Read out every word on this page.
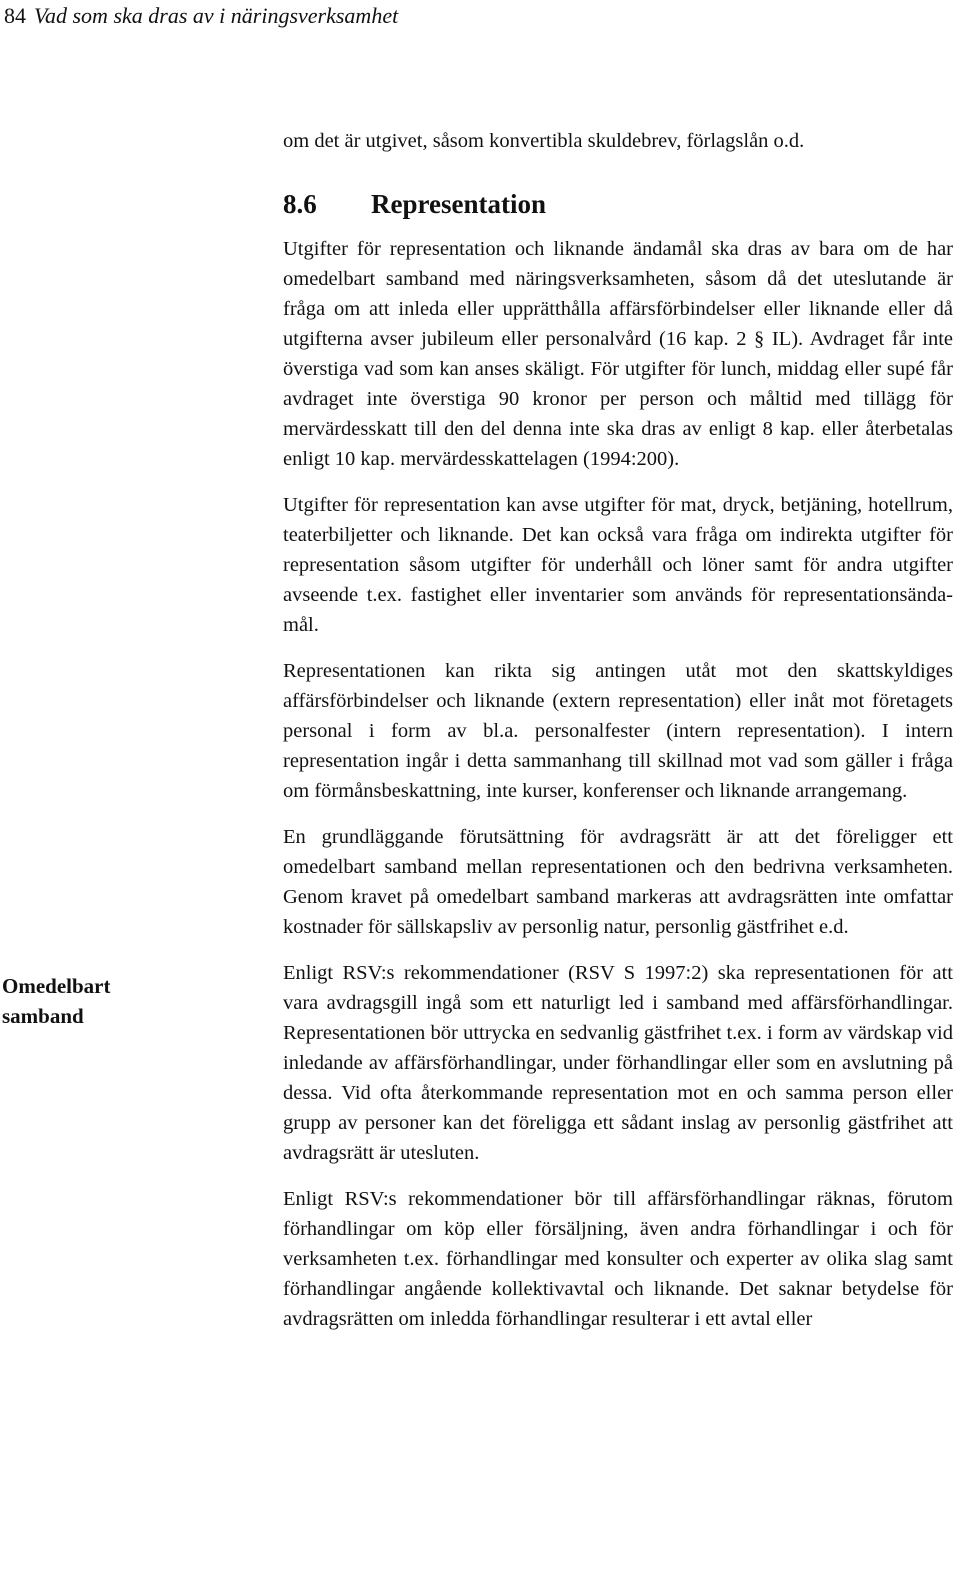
84 Vad som ska dras av i näringsverksamhet
Omedelbart
samband

om det är utgivet, såsom konvertibla skuldebrev, förlagslån o.d.

8.6 Representation

Utgifter för representation och liknande ändamål ska dras av bara om de har omedelbart samband med näringsverksamheten, såsom då det uteslutande är fråga om att inleda eller upprätthålla affärsförbindelser eller liknande eller då utgifterna avser jubileum eller personalvård (16 kap. 2 § IL). Avdraget får inte överstiga vad som kan anses skäligt. För utgifter för lunch, middag eller supé får avdraget inte överstiga 90 kronor per person och måltid med tillägg för mervärdesskatt till den del denna inte ska dras av enligt 8 kap. eller återbetalas enligt 10 kap. mervärdesskattelagen (1994:200).

Utgifter för representation kan avse utgifter för mat, dryck, betjäning, hotellrum, teaterbiljetter och liknande. Det kan också vara fråga om indirekta utgifter för representation såsom utgifter för underhåll och löner samt för andra utgifter avseende t.ex. fastighet eller inventarier som används för representationsändamål.

Representationen kan rikta sig antingen utåt mot den skattskyldiges affärsförbindelser och liknande (extern representation) eller inåt mot företagets personal i form av bl.a. personalfester (intern representation). I intern representation ingår i detta sammanhang till skillnad mot vad som gäller i fråga om förmånsbeskattning, inte kurser, konferenser och liknande arrangemang.

En grundläggande förutsättning för avdragsrätt är att det föreligger ett omedelbart samband mellan representationen och den bedrivna verksamheten. Genom kravet på omedelbart samband markeras att avdragsrätten inte omfattar kostnader för sällskapsliv av personlig natur, personlig gästfrihet e.d.

Enligt RSV:s rekommendationer (RSV S 1997:2) ska representationen för att vara avdragsgill ingå som ett naturligt led i samband med affärsförhandlingar. Representationen bör uttrycka en sedvanlig gästfrihet t.ex. i form av värdskap vid inledande av affärsförhandlingar, under förhandlingar eller som en avslutning på dessa. Vid ofta återkommande representation mot en och samma person eller grupp av personer kan det föreligga ett sådant inslag av personlig gästfrihet att avdragsrätt är utesluten.

Enligt RSV:s rekommendationer bör till affärsförhandlingar räknas, förutom förhandlingar om köp eller försäljning, även andra förhandlingar i och för verksamheten t.ex. förhandlingar med konsulter och experter av olika slag samt förhandlingar angående kollektivavtal och liknande. Det saknar betydelse för avdragsrätten om inledda förhandlingar resulterar i ett avtal eller
